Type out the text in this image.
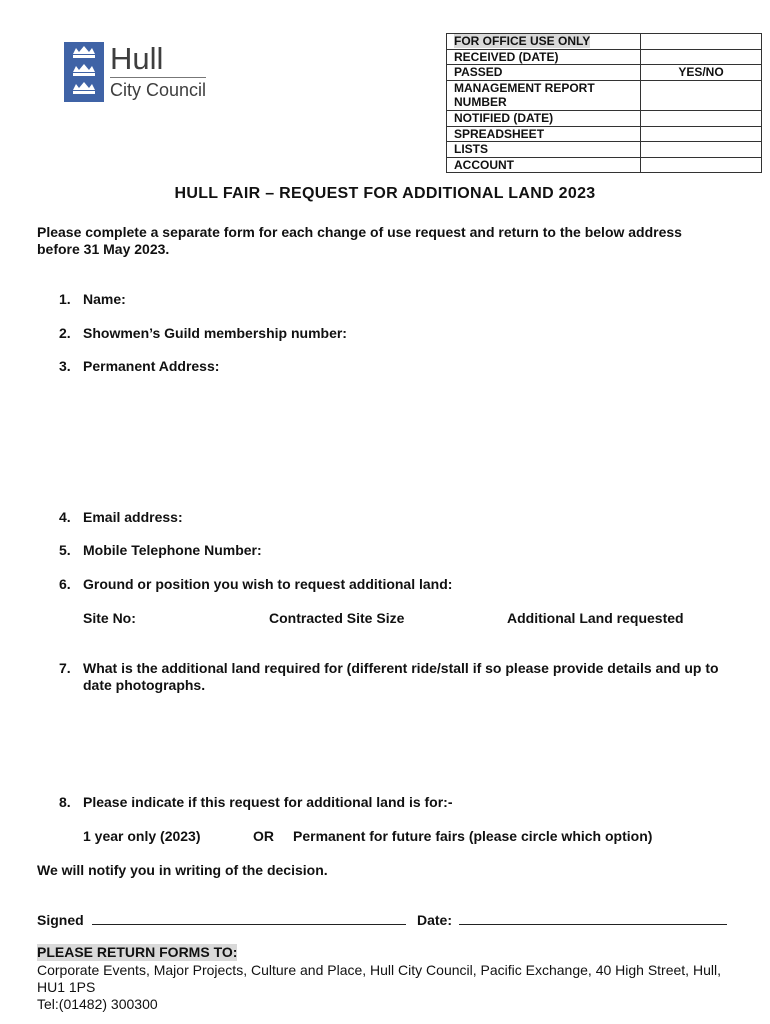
Hull
City Council
FOR OFFICE USE ONLY	
RECEIVED (DATE)	
PASSED	YES/NO
MANAGEMENT REPORT NUMBER	
NOTIFIED (DATE)	
SPREADSHEET	
LISTS	
ACCOUNT	
HULL FAIR – REQUEST FOR ADDITIONAL LAND 2023
Please complete a separate form for each change of use request and return to the below address before 31 May 2023.
1. Name:
2. Showmen’s Guild membership number:
3. Permanent Address:
4. Email address:
5. Mobile Telephone Number:
6. Ground or position you wish to request additional land:
Site No:	Contracted Site Size	Additional Land requested
7. What is the additional land required for (different ride/stall if so please provide details and up to date photographs.
8. Please indicate if this request for additional land is for:-
1 year only (2023)	OR Permanent for future fairs (please circle which option)
We will notify you in writing of the decision.
Signed	Date:
PLEASE RETURN FORMS TO:
Corporate Events, Major Projects, Culture and Place, Hull City Council, Pacific Exchange, 40 High Street, Hull, HU1 1PS
Tel:(01482) 300300
